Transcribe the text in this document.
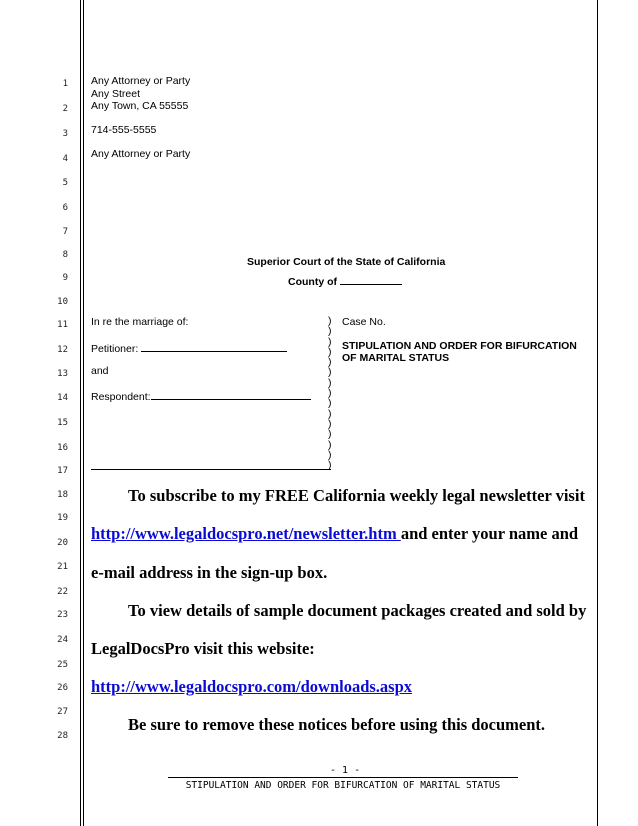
1
2
3
4
5
6
7
8
9
10
11
12
13
14
15
16
17
18
19
20
21
22
23
24
25
26
27
28
Any Attorney or Party
Any Street
Any Town, CA 55555
714-555-5555
Any Attorney or Party
Superior Court of the State of California
County of
In re the marriage of:
Petitioner:
and
Respondent:
)
)
)
)
)
)
)
)
)
)
)
)
)
)
)
Case No.
STIPULATION AND ORDER FOR BIFURCATION
OF MARITAL STATUS
To subscribe to my FREE California weekly legal newsletter visit
http://www.legaldocspro.net/newsletter.htm and enter your name and
e-mail address in the sign-up box.
To view details of sample document packages created and sold by
LegalDocsPro visit this website:
http://www.legaldocspro.com/downloads.aspx
Be sure to remove these notices before using this document.
- 1 -
STIPULATION AND ORDER FOR BIFURCATION OF MARITAL STATUS
